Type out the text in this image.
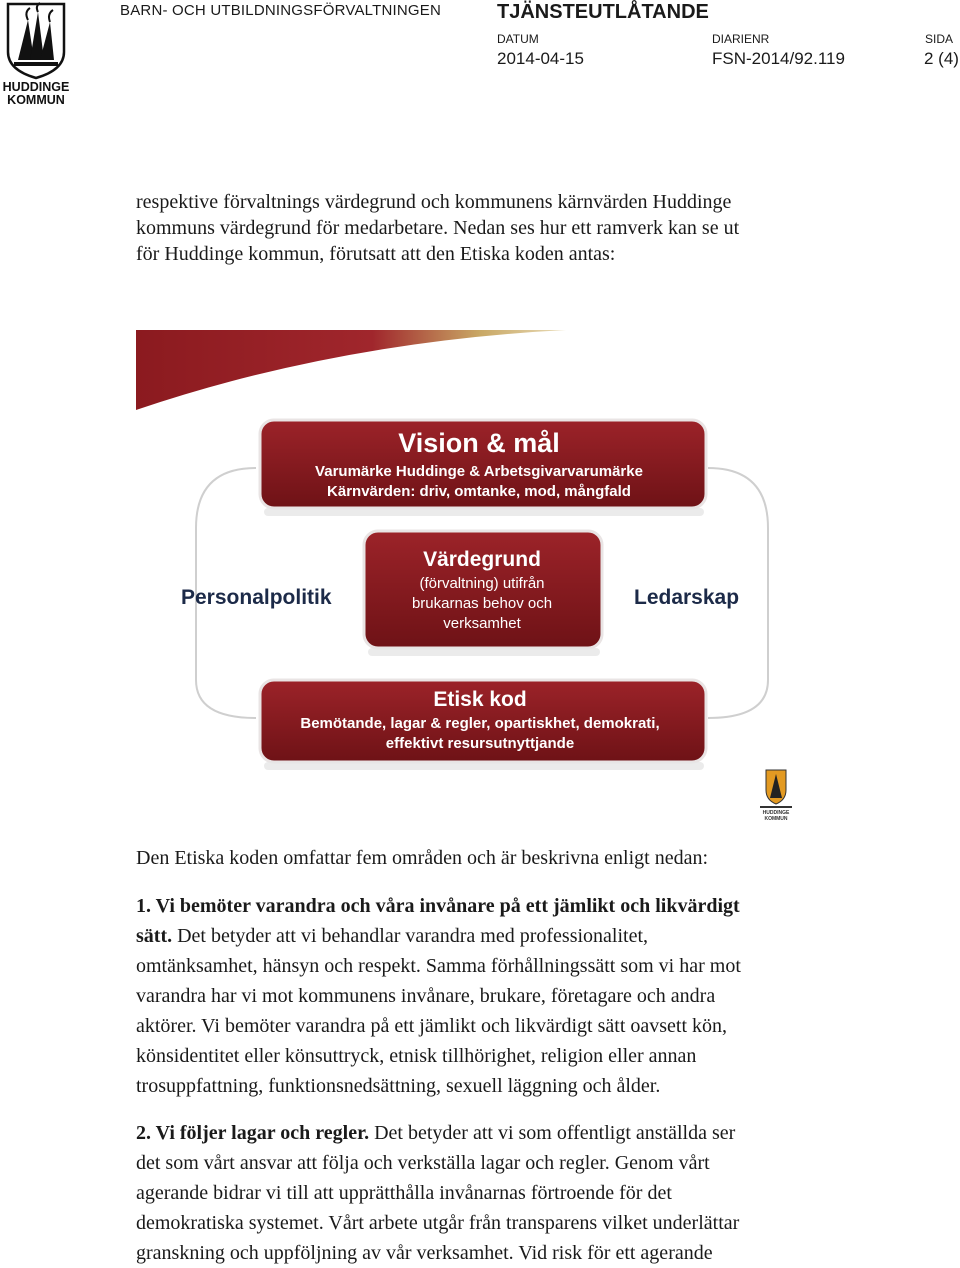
HUDDINGE
KOMMUN
BARN- OCH UTBILDNINGSFÖRVALTNINGEN	TJÄNSTEUTLÅTANDE
DATUM
2014-04-15
DIARIENR
FSN-2014/92.119
SIDA
2 (4)
respektive förvaltnings värdegrund och kommunens kärnvärden Huddinge
kommuns värdegrund för medarbetare. Nedan ses hur ett ramverk kan se ut
för Huddinge kommun, förutsatt att den Etiska koden antas:
Vision & mål
Varumärke Huddinge & Arbetsgivarvarumärke
Kärnvärden: driv, omtanke, mod, mångfald
Värdegrund
(förvaltning) utifrån
brukarnas behov och
verksamhet
Personalpolitik	Ledarskap
Etisk kod
Bemötande, lagar & regler, opartiskhet, demokrati,
effektivt resursutnyttjande
HUDDINGE
KOMMUN
Den Etiska koden omfattar fem områden och är beskrivna enligt nedan:
1. Vi bemöter varandra och våra invånare på ett jämlikt och likvärdigt
sätt. Det betyder att vi behandlar varandra med professionalitet,
omtänksamhet, hänsyn och respekt. Samma förhållningssätt som vi har mot
varandra har vi mot kommunens invånare, brukare, företagare och andra
aktörer. Vi bemöter varandra på ett jämlikt och likvärdigt sätt oavsett kön,
könsidentitet eller könsuttryck, etnisk tillhörighet, religion eller annan
trosuppfattning, funktionsnedsättning, sexuell läggning och ålder.
2. Vi följer lagar och regler. Det betyder att vi som offentligt anställda ser
det som vårt ansvar att följa och verkställa lagar och regler. Genom vårt
agerande bidrar vi till att upprätthålla invånarnas förtroende för det
demokratiska systemet. Vårt arbete utgår från transparens vilket underlättar
granskning och uppföljning av vår verksamhet. Vid risk för ett agerande
